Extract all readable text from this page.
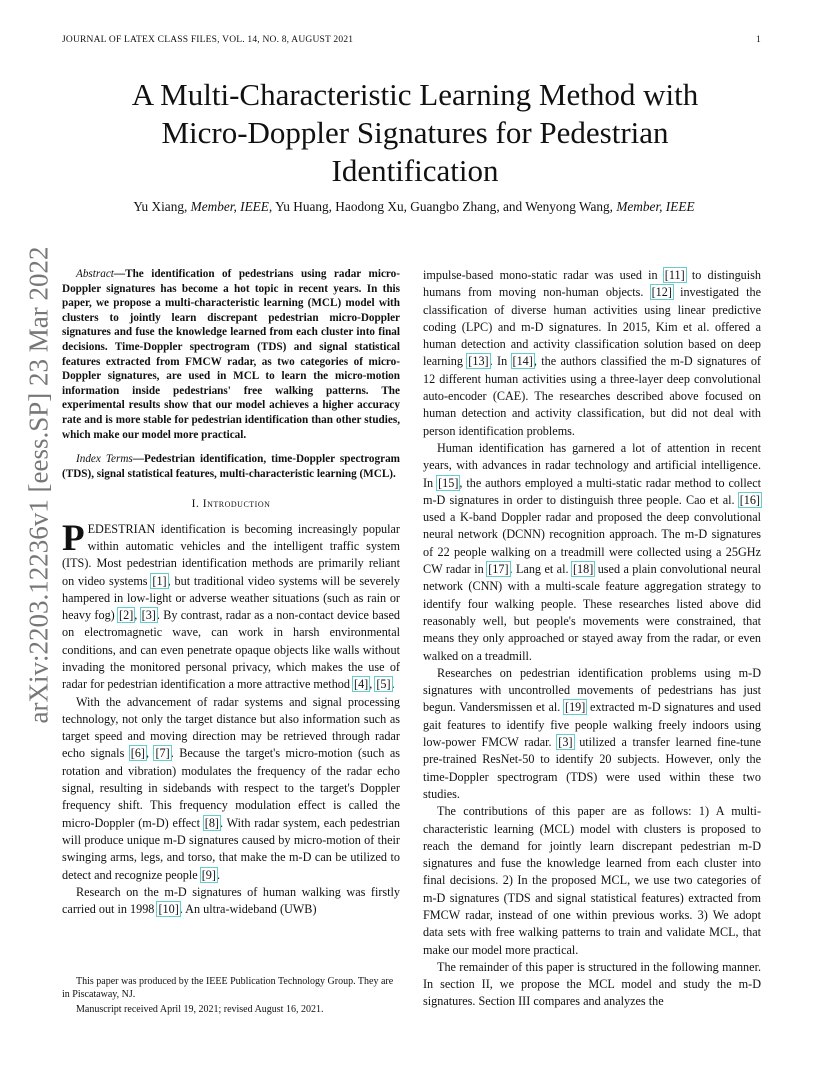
JOURNAL OF LATEX CLASS FILES, VOL. 14, NO. 8, AUGUST 2021	1
arXiv:2203.12236v1 [eess.SP] 23 Mar 2022
A Multi-Characteristic Learning Method with Micro-Doppler Signatures for Pedestrian Identification
Yu Xiang, Member, IEEE, Yu Huang, Haodong Xu, Guangbo Zhang, and Wenyong Wang, Member, IEEE

Abstract—The identification of pedestrians using radar micro-Doppler signatures has become a hot topic in recent years. In this paper, we propose a multi-characteristic learning (MCL) model with clusters to jointly learn discrepant pedestrian micro-Doppler signatures and fuse the knowledge learned from each cluster into final decisions. Time-Doppler spectrogram (TDS) and signal statistical features extracted from FMCW radar, as two categories of micro-Doppler signatures, are used in MCL to learn the micro-motion information inside pedestrians' free walking patterns. The experimental results show that our model achieves a higher accuracy rate and is more stable for pedestrian identification than other studies, which make our model more practical.

Index Terms—Pedestrian identification, time-Doppler spectrogram (TDS), signal statistical features, multi-characteristic learning (MCL).

I. Introduction

PEDESTRIAN identification is becoming increasingly popular within automatic vehicles and the intelligent traffic system (ITS). Most pedestrian identification methods are primarily reliant on video systems [1], but traditional video systems will be severely hampered in low-light or adverse weather situations (such as rain or heavy fog) [2], [3]. By contrast, radar as a non-contact device based on electromagnetic wave, can work in harsh environmental conditions, and can even penetrate opaque objects like walls without invading the monitored personal privacy, which makes the use of radar for pedestrian identification a more attractive method [4], [5].

With the advancement of radar systems and signal processing technology, not only the target distance but also information such as target speed and moving direction may be retrieved through radar echo signals [6], [7]. Because the target's micro-motion (such as rotation and vibration) modulates the frequency of the radar echo signal, resulting in sidebands with respect to the target's Doppler frequency shift. This frequency modulation effect is called the micro-Doppler (m-D) effect [8]. With radar system, each pedestrian will produce unique m-D signatures caused by micro-motion of their swinging arms, legs, and torso, that make the m-D can be utilized to detect and recognize people [9].

Research on the m-D signatures of human walking was firstly carried out in 1998 [10]. An ultra-wideband (UWB)

impulse-based mono-static radar was used in [11] to distinguish humans from moving non-human objects. [12] investigated the classification of diverse human activities using linear predictive coding (LPC) and m-D signatures. In 2015, Kim et al. offered a human detection and activity classification solution based on deep learning [13]. In [14], the authors classified the m-D signatures of 12 different human activities using a three-layer deep convolutional auto-encoder (CAE). The researches described above focused on human detection and activity classification, but did not deal with person identification problems.

Human identification has garnered a lot of attention in recent years, with advances in radar technology and artificial intelligence. In [15], the authors employed a multi-static radar method to collect m-D signatures in order to distinguish three people. Cao et al. [16] used a K-band Doppler radar and proposed the deep convolutional neural network (DCNN) recognition approach. The m-D signatures of 22 people walking on a treadmill were collected using a 25GHz CW radar in [17]. Lang et al. [18] used a plain convolutional neural network (CNN) with a multi-scale feature aggregation strategy to identify four walking people. These researches listed above did reasonably well, but people's movements were constrained, that means they only approached or stayed away from the radar, or even walked on a treadmill.

Researches on pedestrian identification problems using m-D signatures with uncontrolled movements of pedestrians has just begun. Vandersmissen et al. [19] extracted m-D signatures and used gait features to identify five people walking freely indoors using low-power FMCW radar. [3] utilized a transfer learned fine-tune pre-trained ResNet-50 to identify 20 subjects. However, only the time-Doppler spectrogram (TDS) were used within these two studies.

The contributions of this paper are as follows: 1) A multi-characteristic learning (MCL) model with clusters is proposed to reach the demand for jointly learn discrepant pedestrian m-D signatures and fuse the knowledge learned from each cluster into final decisions. 2) In the proposed MCL, we use two categories of m-D signatures (TDS and signal statistical features) extracted from FMCW radar, instead of one within previous works. 3) We adopt data sets with free walking patterns to train and validate MCL, that make our model more practical.

The remainder of this paper is structured in the following manner. In section II, we propose the MCL model and study the m-D signatures. Section III compares and analyzes the

This paper was produced by the IEEE Publication Technology Group. They are in Piscataway, NJ.

Manuscript received April 19, 2021; revised August 16, 2021.
